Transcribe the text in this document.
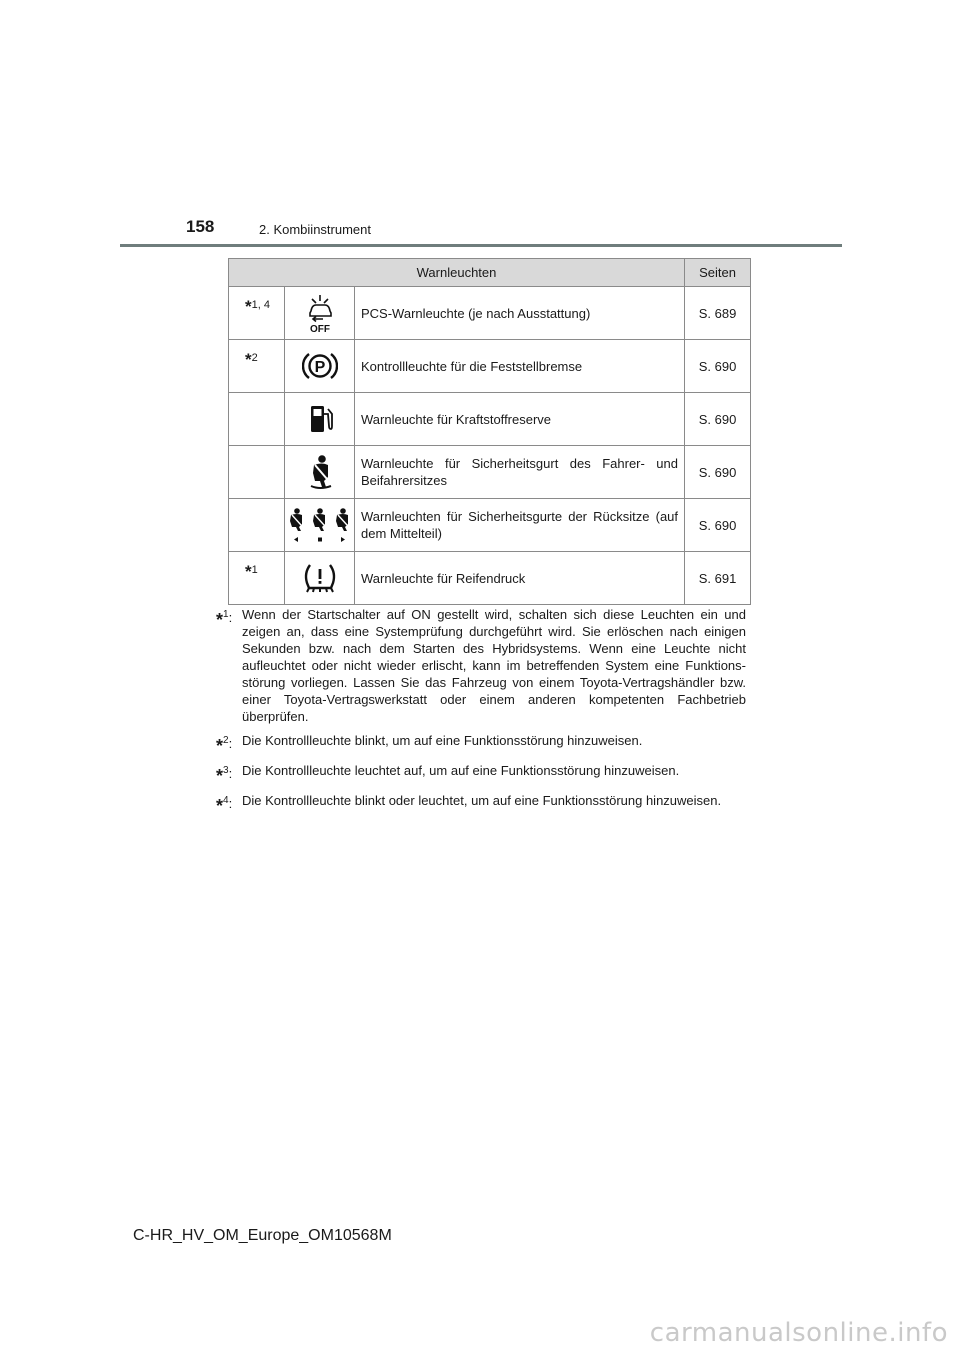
158	2. Kombiinstrument
Warnleuchten			Seiten

*1, 4	OFF	PCS-Warnleuchte (je nach Ausstattung)	S. 689

*2	P	Kontrollleuchte für die Feststellbremse	S. 690

		Warnleuchte für Kraftstoffreserve	S. 690

		Warnleuchte für Sicherheitsgurt des Fahrer- und Beifahrersitzes	S. 690

		Warnleuchten für Sicherheitsgurte der Rücksitze (auf dem Mittelteil)	S. 690

*1		Warnleuchte für Reifendruck	S. 691
*$^1$: Wenn der Startschalter auf ON gestellt wird, schalten sich diese Leuchten ein und zeigen an, dass eine Systemprüfung durchgeführt wird. Sie erlöschen nach einigen Sekunden bzw. nach dem Starten des Hybridsystems. Wenn eine Leuchte nicht aufleuchtet oder nicht wieder erlischt, kann im betreffenden System eine Funktions-störung vorliegen. Lassen Sie das Fahrzeug von einem Toyota-Vertragshändler bzw. einer Toyota-Vertragswerkstatt oder einem anderen kompetenten Fachbetrieb überprüfen.
*$^2$: Die Kontrollleuchte blinkt, um auf eine Funktionsstörung hinzuweisen.
*$^3$: Die Kontrollleuchte leuchtet auf, um auf eine Funktionsstörung hinzuweisen.
*$^4$: Die Kontrollleuchte blinkt oder leuchtet, um auf eine Funktionsstörung hinzuweisen.
C-HR_HV_OM_Europe_OM10568M
carmanualsonline.info
